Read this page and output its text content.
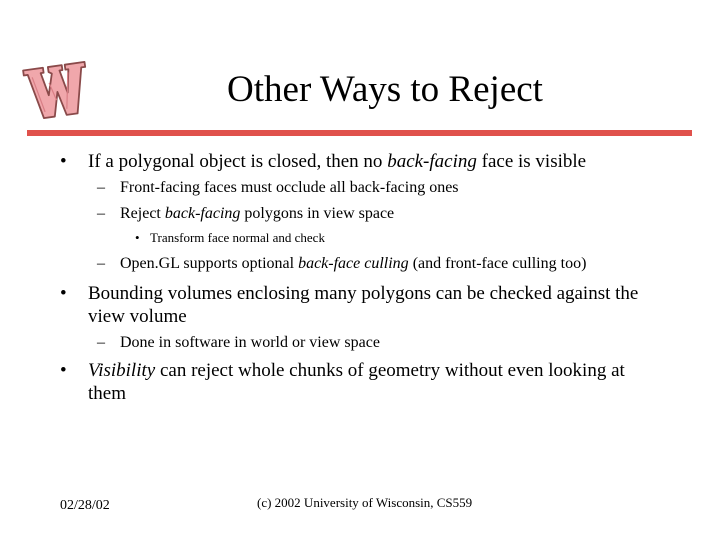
Other Ways to Reject
• If a polygonal object is closed, then no back-facing face is visible
– Front-facing faces must occlude all back-facing ones
– Reject back-facing polygons in view space
• Transform face normal and check
– Open.GL supports optional back-face culling (and front-face culling too)
• Bounding volumes enclosing many polygons can be checked against the
view volume
– Done in software in world or view space
• Visibility can reject whole chunks of geometry without even looking at
them
02/28/02	(c) 2002 University of Wisconsin, CS559
